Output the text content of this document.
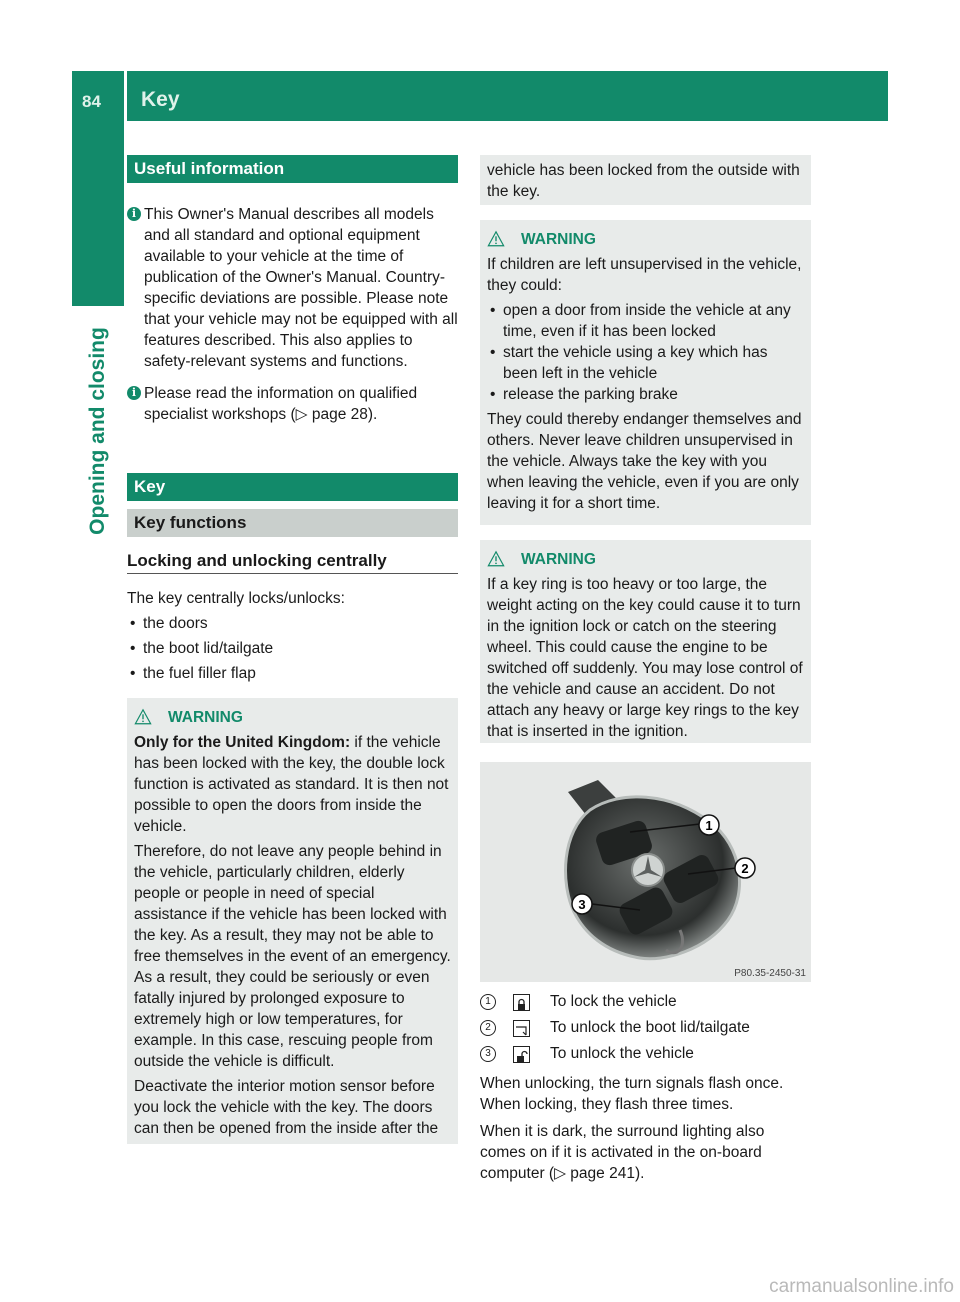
84 Key
Opening and closing
Useful information
i This Owner's Manual describes all models and all standard and optional equipment available to your vehicle at the time of publication of the Owner's Manual. Country-specific deviations are possible. Please note that your vehicle may not be equipped with all features described. This also applies to safety-relevant systems and functions.

i Please read the information on qualified specialist workshops (▷ page 28).

Key
Key functions
Locking and unlocking centrally

The key centrally locks/unlocks:

• the doors
• the boot lid/tailgate
• the fuel filler flap
WARNING

Only for the United Kingdom: if the vehicle has been locked with the key, the double lock function is activated as standard. It is then not possible to open the doors from inside the vehicle.

Therefore, do not leave any people behind in the vehicle, particularly children, elderly people or people in need of special assistance if the vehicle has been locked with the key. As a result, they may not be able to free themselves in the event of an emergency. As a result, they could be seriously or even fatally injured by prolonged exposure to extremely high or low temperatures, for example. In this case, rescuing people from outside the vehicle is difficult.

Deactivate the interior motion sensor before you lock the vehicle with the key. The doors can then be opened from the inside after the

vehicle has been locked from the outside with the key.

WARNING

If children are left unsupervised in the vehicle, they could:

• open a door from inside the vehicle at any time, even if it has been locked
• start the vehicle using a key which has been left in the vehicle
• release the parking brake

They could thereby endanger themselves and others. Never leave children unsupervised in the vehicle. Always take the key with you when leaving the vehicle, even if you are only leaving it for a short time.

WARNING

If a key ring is too heavy or too large, the weight acting on the key could cause it to turn in the ignition lock or catch on the steering wheel. This could cause the engine to be switched off suddenly. You may lose control of the vehicle and cause an accident. Do not attach any heavy or large key rings to the key that is inserted in the ignition.

1
2
3
P80.35-2450-31
1	To lock the vehicle
2	To unlock the boot lid/tailgate
3	To unlock the vehicle

When unlocking, the turn signals flash once. When locking, they flash three times.

When it is dark, the surround lighting also comes on if it is activated in the on-board computer (▷ page 241).

carmanualsonline.info
